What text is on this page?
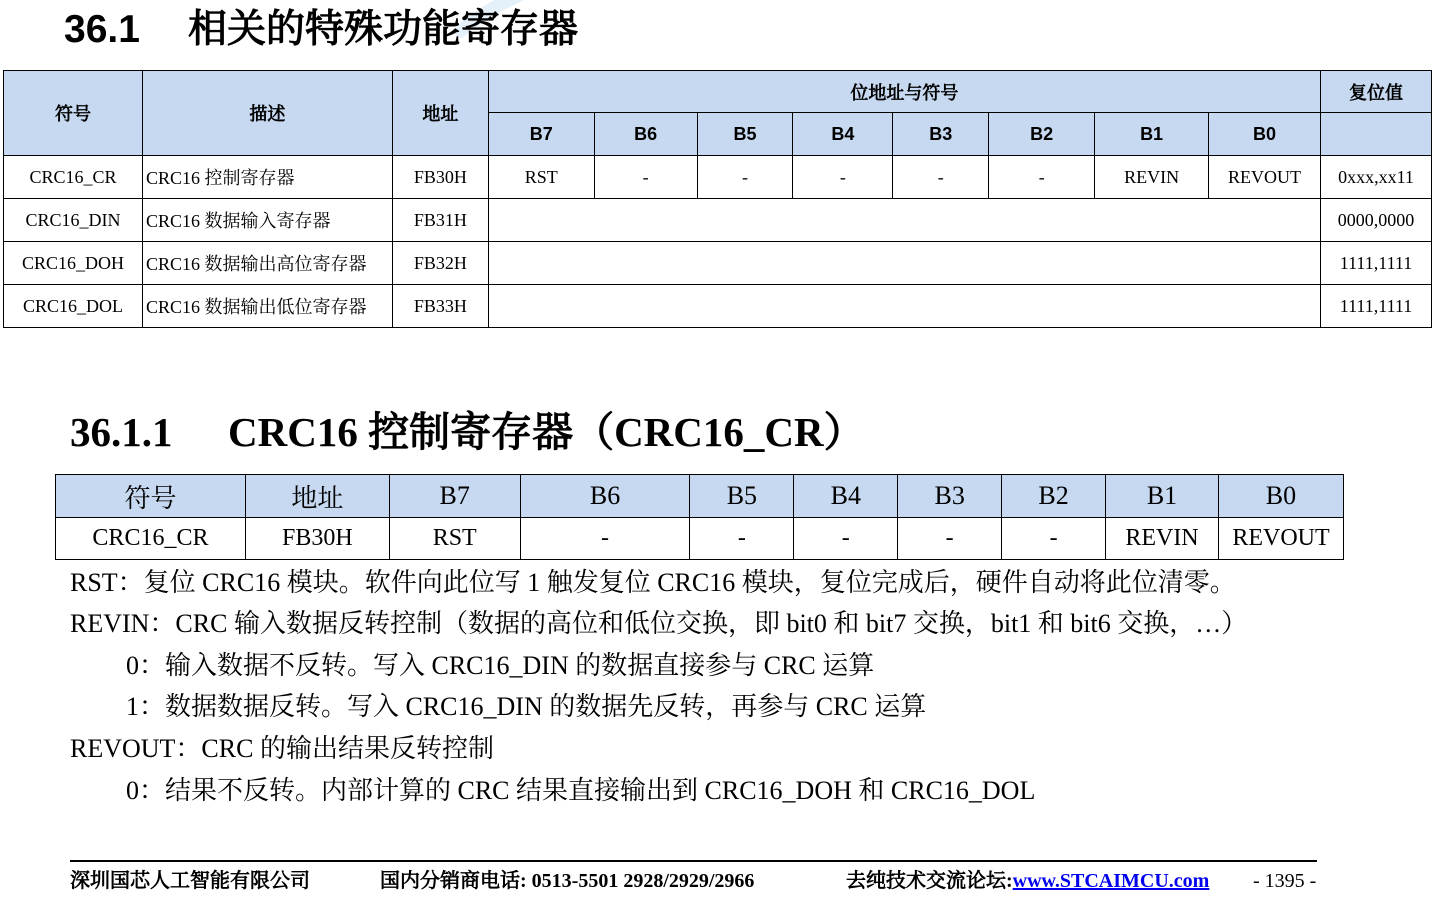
36.1 相关的特殊功能寄存器
符号	描述	地址	位地址与符号								复位值
			B7	B6	B5	B4	B3	B2	B1	B0	
CRC16_CR	CRC16 控制寄存器	FB30H	RST	-	-	-	-	-	REVIN	REVOUT	0xxx,xx11
CRC16_DIN	CRC16 数据输入寄存器	FB31H									0000,0000
CRC16_DOH	CRC16 数据输出高位寄存器	FB32H									1111,1111
CRC16_DOL	CRC16 数据输出低位寄存器	FB33H									1111,1111
36.1.1 CRC16 控制寄存器（CRC16_CR）
符号	地址	B7	B6	B5	B4	B3	B2	B1	B0
CRC16_CR	FB30H	RST	-	-	-	-	-	REVIN	REVOUT
RST：复位 CRC16 模块。软件向此位写 1 触发复位 CRC16 模块，复位完成后，硬件自动将此位清零。
REVIN：CRC 输入数据反转控制（数据的高位和低位交换，即 bit0 和 bit7 交换，bit1 和 bit6 交换，…）
0：输入数据不反转。写入 CRC16_DIN 的数据直接参与 CRC 运算
1：数据数据反转。写入 CRC16_DIN 的数据先反转，再参与 CRC 运算
REVOUT：CRC 的输出结果反转控制
0：结果不反转。内部计算的 CRC 结果直接输出到 CRC16_DOH 和 CRC16_DOL
深圳国芯人工智能有限公司	国内分销商电话: 0513-5501 2928/2929/2966	去纯技术交流论坛:www.STCAIMCU.com - 1395 -
